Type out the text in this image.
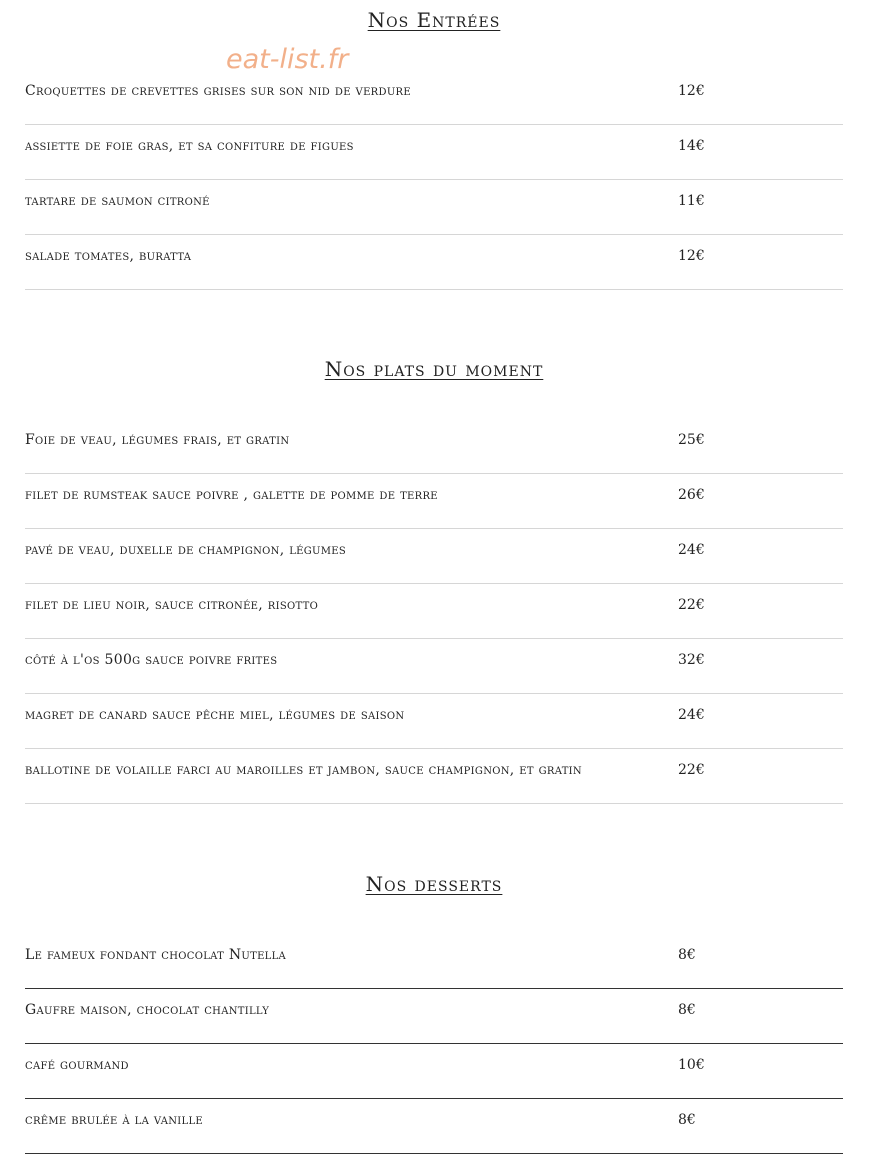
eat-list.fr
Nos Entrées
Croquettes de crevettes grises sur son nid de verdure	12€
assiette de foie gras, et sa confiture de figues	14€
tartare de saumon citroné	11€
salade tomates, buratta	12€
Nos plats du moment
Foie de veau, légumes frais, et gratin	25€
filet de rumsteak sauce poivre , galette de pomme de terre	26€
pavé de veau, duxelle de champignon, légumes	24€
filet de lieu noir, sauce citronée, risotto	22€
côté à l'os 500g sauce poivre frites	32€
magret de canard sauce pêche miel, légumes de saison	24€
ballotine de volaille farci au maroilles et jambon, sauce champignon, et gratin	22€
Nos desserts
Le fameux fondant chocolat Nutella	8€
Gaufre maison, chocolat chantilly	8€
café gourmand	10€
crême brulée à la vanille	8€
